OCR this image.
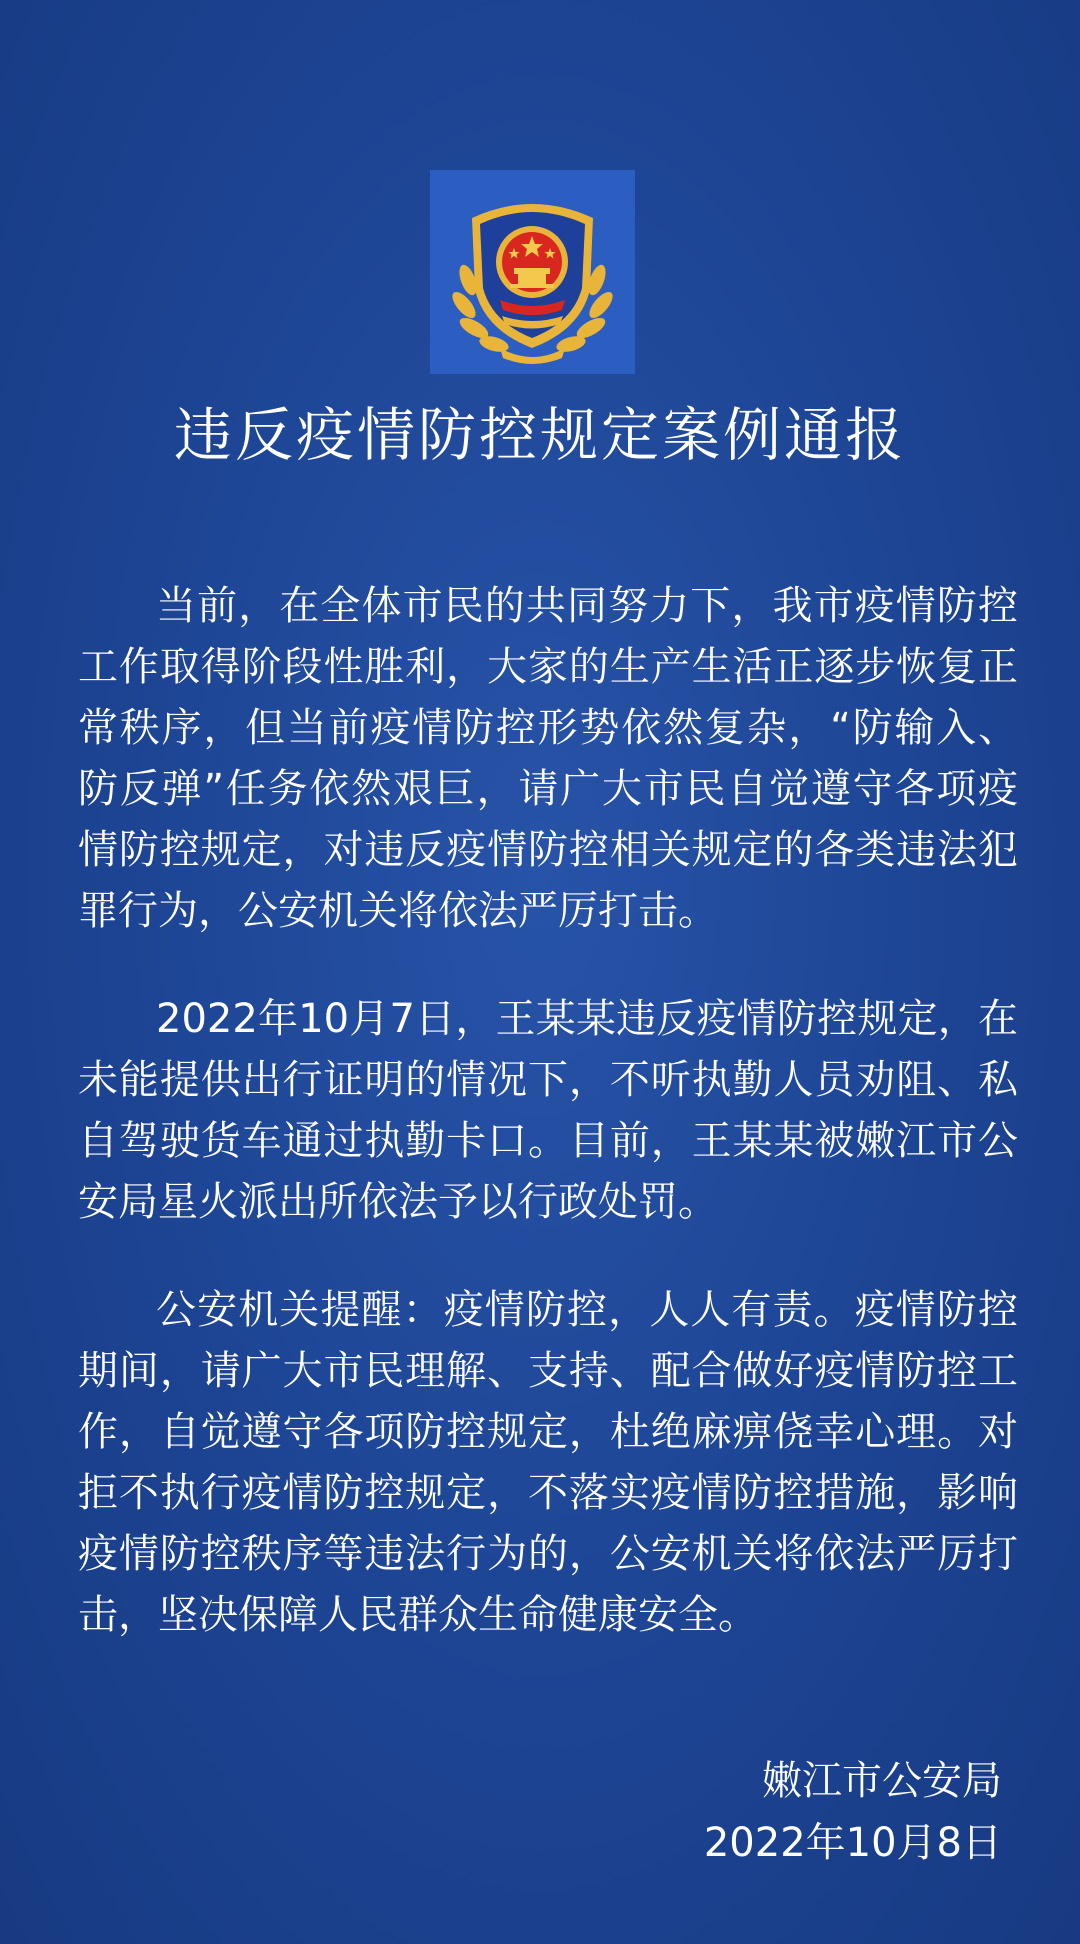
违反疫情防控规定案例通报

当前，在全体市民的共同努力下，我市疫情防控工作取得阶段性胜利，大家的生产生活正逐步恢复正常秩序，但当前疫情防控形势依然复杂，“防输入、防反弹”任务依然艰巨，请广大市民自觉遵守各项疫情防控规定，对违反疫情防控相关规定的各类违法犯罪行为，公安机关将依法严厉打击。

2022年10月7日，王某某违反疫情防控规定，在未能提供出行证明的情况下，不听执勤人员劝阻、私自驾驶货车通过执勤卡口。目前，王某某被嫩江市公安局星火派出所依法予以行政处罚。

公安机关提醒：疫情防控，人人有责。疫情防控期间，请广大市民理解、支持、配合做好疫情防控工作，自觉遵守各项防控规定，杜绝麻痹侥幸心理。对拒不执行疫情防控规定，不落实疫情防控措施，影响疫情防控秩序等违法行为的，公安机关将依法严厉打击，坚决保障人民群众生命健康安全。

嫩江市公安局
2022年10月8日
